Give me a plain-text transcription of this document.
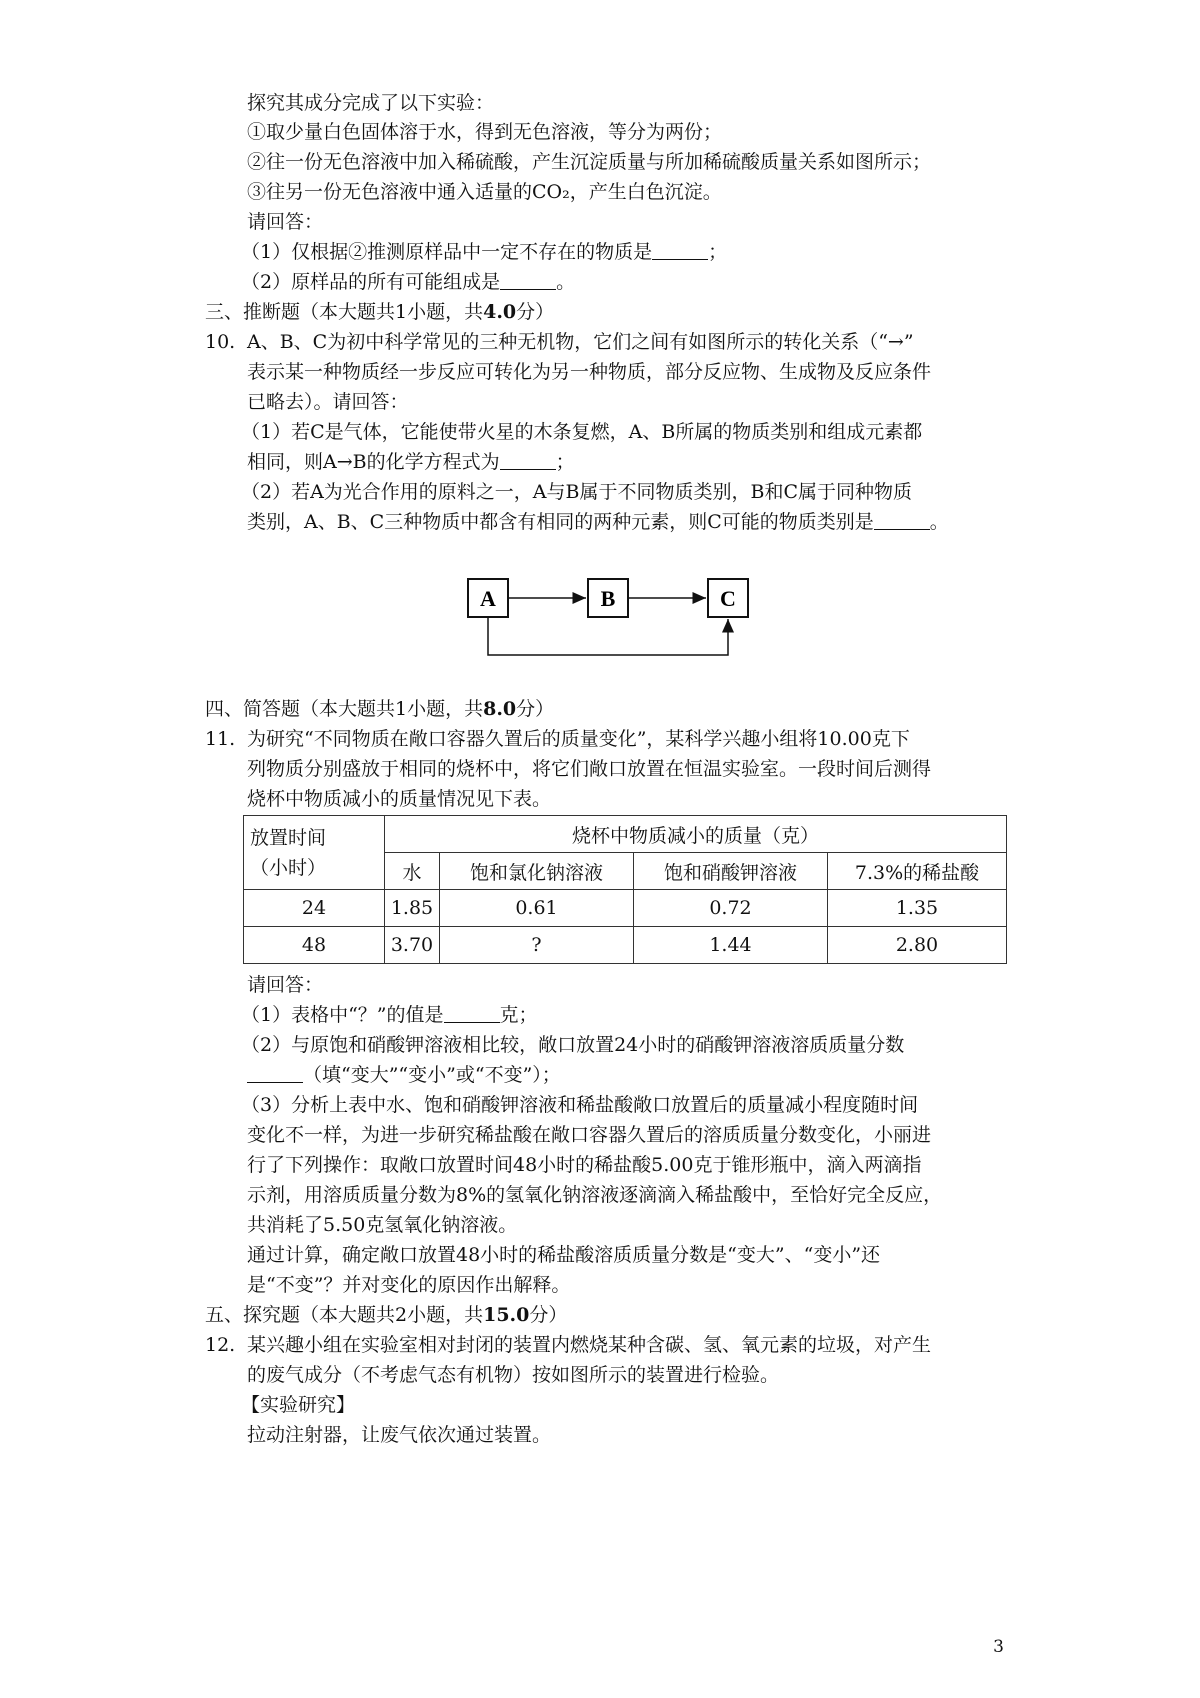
探究其成分完成了以下实验：
①取少量白色固体溶于水，得到无色溶液，等分为两份；
②往一份无色溶液中加入稀硫酸，产生沉淀质量与所加稀硫酸质量关系如图所示；
③往另一份无色溶液中通入适量的CO₂，产生白色沉淀。
请回答：
（1）仅根据②推测原样品中一定不存在的物质是	；
（2）原样品的所有可能组成是	。
三、推断题（本大题共1小题，共4.0分）
10. A、B、C为初中科学常见的三种无机物，它们之间有如图所示的转化关系（“→”
表示某一种物质经一步反应可转化为另一种物质，部分反应物、生成物及反应条件
已略去）。请回答：
（1）若C是气体，它能使带火星的木条复燃，A、B所属的物质类别和组成元素都
相同，则A→B的化学方程式为	；
（2）若A为光合作用的原料之一，A与B属于不同物质类别，B和C属于同种物质
类别，A、B、C三种物质中都含有相同的两种元素，则C可能的物质类别是	。
A	B	C
四、简答题（本大题共1小题，共8.0分）
11. 为研究“不同物质在敞口容器久置后的质量变化”，某科学兴趣小组将10.00克下
列物质分别盛放于相同的烧杯中，将它们敞口放置在恒温实验室。一段时间后测得
烧杯中物质减小的质量情况见下表。
放置时间
（小时）	烧杯中物质减小的质量（克）			
	水	饱和氯化钠溶液	饱和硝酸钾溶液	7.3%的稀盐酸
24	1.85	0.61	0.72	1.35
48	3.70	?	1.44	2.80
请回答：
（1）表格中“？”的值是	克；
（2）与原饱和硝酸钾溶液相比较，敞口放置24小时的硝酸钾溶液溶质质量分数
（填“变大”“变小”或“不变”）；
（3）分析上表中水、饱和硝酸钾溶液和稀盐酸敞口放置后的质量减小程度随时间
变化不一样，为进一步研究稀盐酸在敞口容器久置后的溶质质量分数变化，小丽进
行了下列操作：取敞口放置时间48小时的稀盐酸5.00克于锥形瓶中，滴入两滴指
示剂，用溶质质量分数为8%的氢氧化钠溶液逐滴滴入稀盐酸中，至恰好完全反应，
共消耗了5.50克氢氧化钠溶液。
通过计算，确定敞口放置48小时的稀盐酸溶质质量分数是“变大”、“变小”还
是“不变”？并对变化的原因作出解释。
五、探究题（本大题共2小题，共15.0分）
12. 某兴趣小组在实验室相对封闭的装置内燃烧某种含碳、氢、氧元素的垃圾，对产生
的废气成分（不考虑气态有机物）按如图所示的装置进行检验。
【实验研究】
拉动注射器，让废气依次通过装置。
3
